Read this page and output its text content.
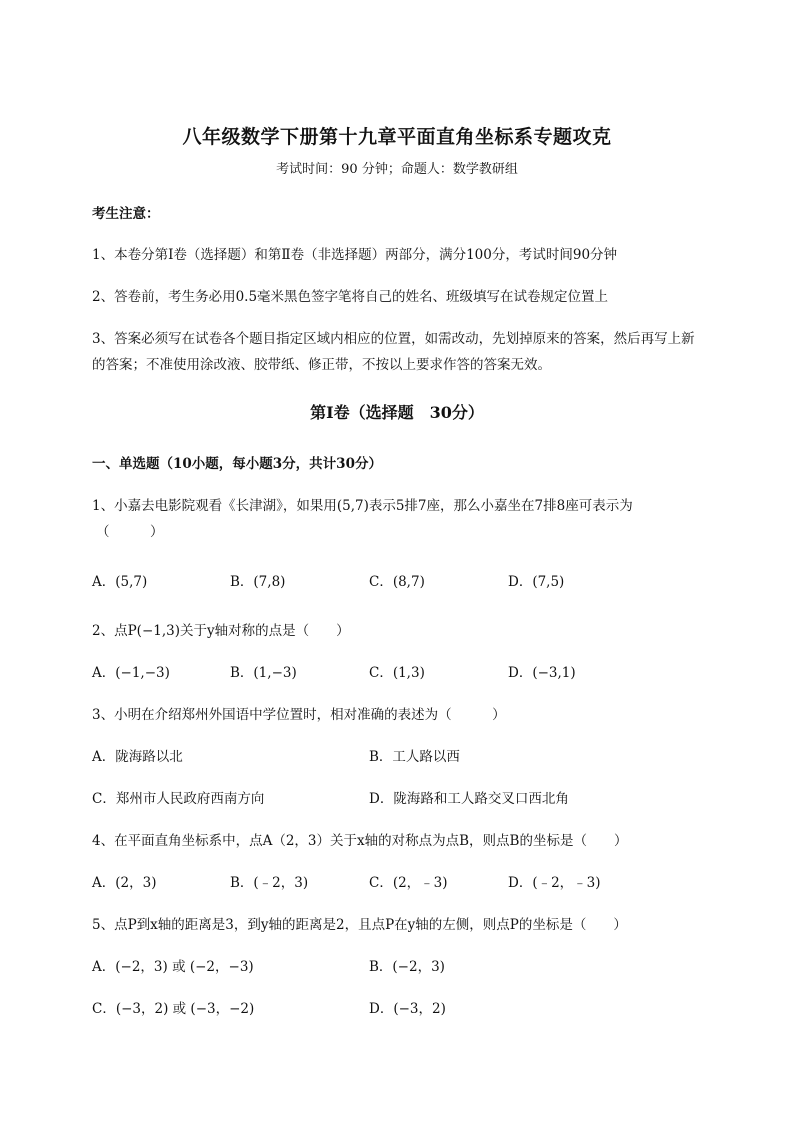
八年级数学下册第十九章平面直角坐标系专题攻克
考试时间：90 分钟；命题人：数学教研组
考生注意：
1、本卷分第I卷（选择题）和第Ⅱ卷（非选择题）两部分，满分100分，考试时间90分钟
2、答卷前，考生务必用0.5毫米黑色签字笔将自己的姓名、班级填写在试卷规定位置上
3、答案必须写在试卷各个题目指定区域内相应的位置，如需改动，先划掉原来的答案，然后再写上新
的答案；不准使用涂改液、胶带纸、修正带，不按以上要求作答的答案无效。
第I卷（选择题　30分）
一、单选题（10小题，每小题3分，共计30分）
1、小嘉去电影院观看《长津湖》，如果用(5,7)表示5排7座，那么小嘉坐在7排8座可表示为
（　　　）
A．(5,7)	B．(7,8)	C．(8,7)	D．(7,5)
2、点P(−1,3)关于y轴对称的点是（　　）
A．(−1,−3)	B．(1,−3)	C．(1,3)	D．(−3,1)
3、小明在介绍郑州外国语中学位置时，相对准确的表述为（　　　）
A．陇海路以北	B．工人路以西
C．郑州市人民政府西南方向	D．陇海路和工人路交叉口西北角
4、在平面直角坐标系中，点A（2，3）关于x轴的对称点为点B，则点B的坐标是（　　）
A．(2，3)	B．(﹣2，3)	C．(2，﹣3)	D．(﹣2，﹣3)
5、点P到x轴的距离是3，到y轴的距离是2，且点P在y轴的左侧，则点P的坐标是（　　）
A．(−2，3) 或 (−2，−3)	B．(−2，3)
C．(−3，2) 或 (−3，−2)	D．(−3，2)
